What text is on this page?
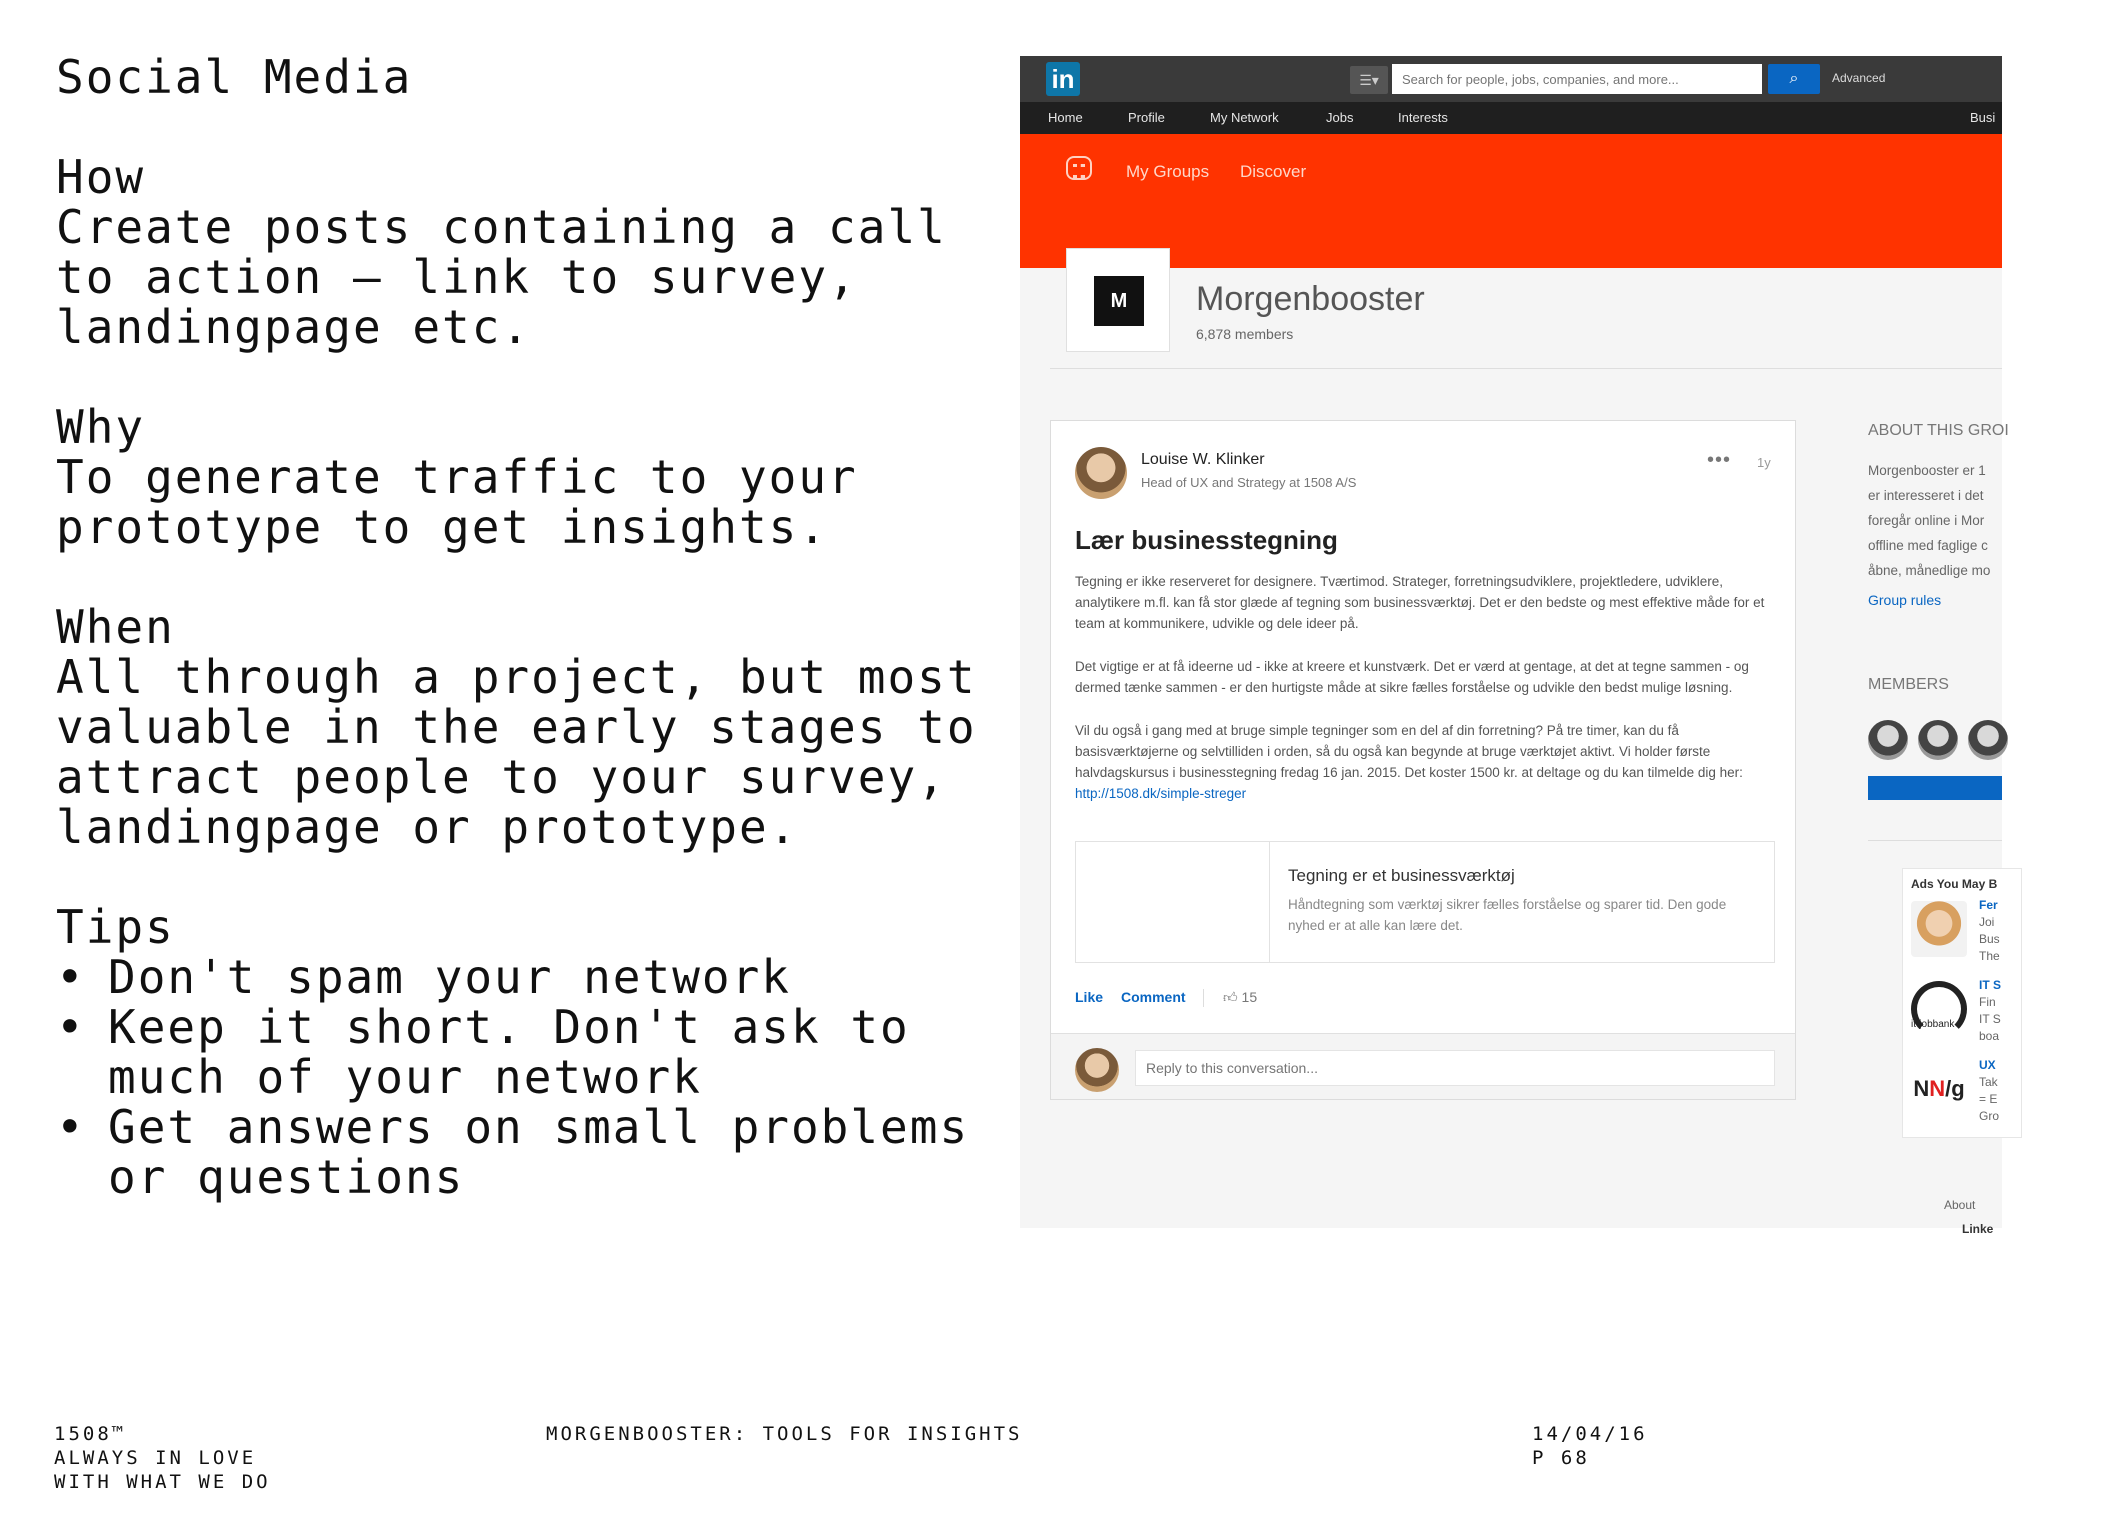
Social Media
How
Create posts containing a call to action – link to survey, landingpage etc.
Why
To generate traffic to your prototype to get insights.
When
All through a project, but most valuable in the early stages to attract people to your survey, landingpage or prototype.
Tips
• Don't spam your network
• Keep it short. Don't ask to much of your network
• Get answers on small problems or questions
1508™
ALWAYS IN LOVE
WITH WHAT WE DO
MORGENBOOSTER: TOOLS FOR INSIGHTS	14/04/16
P 68
in	☰▾
Search for people, jobs, companies, and more...	⌕	Advanced
Home	Profile	My Network	Jobs	Interests	Busi
My Groups Discover
M	Morgenbooster
6,878 members
Louise W. Klinker
Head of UX and Strategy at 1508 A/S
••• 1y
Lær businesstegning

Tegning er ikke reserveret for designere. Tværtimod. Strateger, forretningsudviklere, projektledere, udviklere, analytikere m.fl. kan få stor glæde af tegning som businessværktøj. Det er den bedste og mest effektive måde for et team at kommunikere, udvikle og dele ideer på.

Det vigtige er at få ideerne ud - ikke at kreere et kunstværk. Det er værd at gentage, at det at tegne sammen - og dermed tænke sammen - er den hurtigste måde at sikre fælles forståelse og udvikle den bedst mulige løsning.

Vil du også i gang med at bruge simple tegninger som en del af din forretning? På tre timer, kan du få basisværktøjerne og selvtilliden i orden, så du også kan begynde at bruge værktøjet aktivt. Vi holder første halvdagskursus i businesstegning fredag 16 jan. 2015. Det koster 1500 kr. at deltage og du kan tilmelde dig her: http://1508.dk/simple-streger

Tegning er et businessværktøj
Håndtegning som værktøj sikrer fælles forståelse og sparer tid. Den gode nyhed er at alle kan lære det.
Like Comment	👍︎ 15
Reply to this conversation...
ABOUT THIS GROI
Morgenbooster er 1
er interesseret i det
foregår online i Mor
offline med faglige c
åbne, månedlige mo
Group rules
MEMBERS
Ads You May B
Fer
Joi
Bus
The
it-jobbank
IT S
Fin
IT S
boa
NN/g
UX
Tak
= E
Gro
About
Linke
